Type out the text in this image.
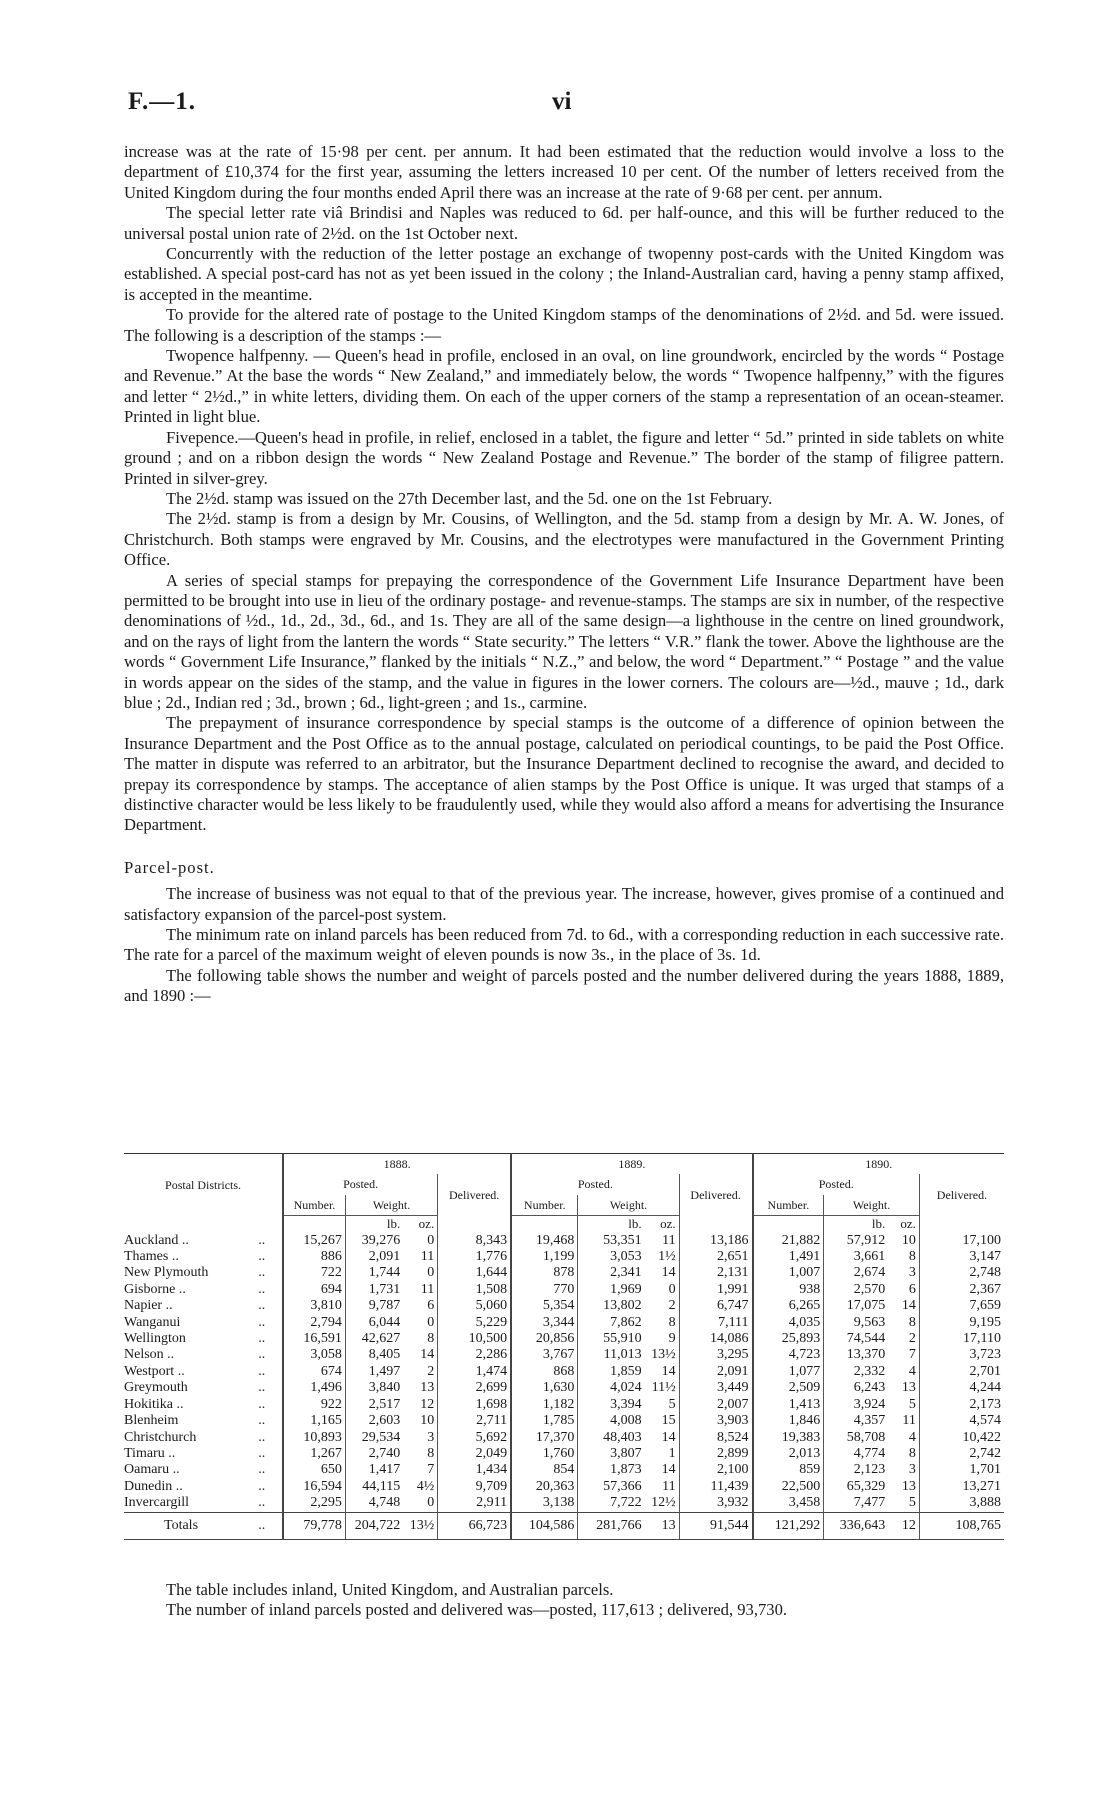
F.—1.	vi

increase was at the rate of 15·98 per cent. per annum. It had been estimated that the reduction would involve a loss to the department of £10,374 for the first year, assuming the letters increased 10 per cent. Of the number of letters received from the United Kingdom during the four months ended April there was an increase at the rate of 9·68 per cent. per annum.

The special letter rate viâ Brindisi and Naples was reduced to 6d. per half-ounce, and this will be further reduced to the universal postal union rate of 2½d. on the 1st October next.

Concurrently with the reduction of the letter postage an exchange of twopenny post-cards with the United Kingdom was established. A special post-card has not as yet been issued in the colony ; the Inland-Australian card, having a penny stamp affixed, is accepted in the meantime.

To provide for the altered rate of postage to the United Kingdom stamps of the denominations of 2½d. and 5d. were issued. The following is a description of the stamps :—

Twopence halfpenny. — Queen's head in profile, enclosed in an oval, on line groundwork, encircled by the words “ Postage and Revenue.” At the base the words “ New Zealand,” and immediately below, the words “ Twopence halfpenny,” with the figures and letter “ 2½d.,” in white letters, dividing them. On each of the upper corners of the stamp a representation of an ocean-steamer. Printed in light blue.

Fivepence.—Queen's head in profile, in relief, enclosed in a tablet, the figure and letter “ 5d.” printed in side tablets on white ground ; and on a ribbon design the words “ New Zealand Postage and Revenue.” The border of the stamp of filigree pattern. Printed in silver-grey.

The 2½d. stamp was issued on the 27th December last, and the 5d. one on the 1st February.

The 2½d. stamp is from a design by Mr. Cousins, of Wellington, and the 5d. stamp from a design by Mr. A. W. Jones, of Christchurch. Both stamps were engraved by Mr. Cousins, and the electrotypes were manufactured in the Government Printing Office.

A series of special stamps for prepaying the correspondence of the Government Life Insurance Department have been permitted to be brought into use in lieu of the ordinary postage- and revenue-stamps. The stamps are six in number, of the respective denominations of ½d., 1d., 2d., 3d., 6d., and 1s. They are all of the same design—a lighthouse in the centre on lined groundwork, and on the rays of light from the lantern the words “ State security.” The letters “ V.R.” flank the tower. Above the lighthouse are the words “ Government Life Insurance,” flanked by the initials “ N.Z.,” and below, the word “ Department.” “ Postage ” and the value in words appear on the sides of the stamp, and the value in figures in the lower corners. The colours are—½d., mauve ; 1d., dark blue ; 2d., Indian red ; 3d., brown ; 6d., light-green ; and 1s., carmine.

The prepayment of insurance correspondence by special stamps is the outcome of a difference of opinion between the Insurance Department and the Post Office as to the annual postage, calculated on periodical countings, to be paid the Post Office. The matter in dispute was referred to an arbitrator, but the Insurance Department declined to recognise the award, and decided to prepay its correspondence by stamps. The acceptance of alien stamps by the Post Office is unique. It was urged that stamps of a distinctive character would be less likely to be fraudulently used, while they would also afford a means for advertising the Insurance Department.

Parcel-post.

The increase of business was not equal to that of the previous year. The increase, however, gives promise of a continued and satisfactory expansion of the parcel-post system.

The minimum rate on inland parcels has been reduced from 7d. to 6d., with a corresponding reduction in each successive rate. The rate for a parcel of the maximum weight of eleven pounds is now 3s., in the place of 3s. 1d.

The following table shows the number and weight of parcels posted and the number delivered during the years 1888, 1889, and 1890 :—

Postal Districts.		1888.				1889.				1890.			
		Posted.			Delivered.	Posted.			Delivered.	Posted.			Delivered.
		Number.	Weight.			Number.	Weight.			Number.	Weight.		
			lb.	oz.			lb.	oz.			lb.	oz.	
Auckland ..	..	15,267	39,276	0	8,343	19,468	53,351	11	13,186	21,882	57,912	10	17,100
Thames ..	..	886	2,091	11	1,776	1,199	3,053	1½	2,651	1,491	3,661	8	3,147
New Plymouth	..	722	1,744	0	1,644	878	2,341	14	2,131	1,007	2,674	3	2,748
Gisborne ..	..	694	1,731	11	1,508	770	1,969	0	1,991	938	2,570	6	2,367
Napier ..	..	3,810	9,787	6	5,060	5,354	13,802	2	6,747	6,265	17,075	14	7,659
Wanganui	..	2,794	6,044	0	5,229	3,344	7,862	8	7,111	4,035	9,563	8	9,195
Wellington	..	16,591	42,627	8	10,500	20,856	55,910	9	14,086	25,893	74,544	2	17,110
Nelson ..	..	3,058	8,405	14	2,286	3,767	11,013	13½	3,295	4,723	13,370	7	3,723
Westport ..	..	674	1,497	2	1,474	868	1,859	14	2,091	1,077	2,332	4	2,701
Greymouth	..	1,496	3,840	13	2,699	1,630	4,024	11½	3,449	2,509	6,243	13	4,244
Hokitika ..	..	922	2,517	12	1,698	1,182	3,394	5	2,007	1,413	3,924	5	2,173
Blenheim	..	1,165	2,603	10	2,711	1,785	4,008	15	3,903	1,846	4,357	11	4,574
Christchurch	..	10,893	29,534	3	5,692	17,370	48,403	14	8,524	19,383	58,708	4	10,422
Timaru ..	..	1,267	2,740	8	2,049	1,760	3,807	1	2,899	2,013	4,774	8	2,742
Oamaru ..	..	650	1,417	7	1,434	854	1,873	14	2,100	859	2,123	3	1,701
Dunedin ..	..	16,594	44,115	4½	9,709	20,363	57,366	11	11,439	22,500	65,329	13	13,271
Invercargill	..	2,295	4,748	0	2,911	3,138	7,722	12½	3,932	3,458	7,477	5	3,888
Totals	..	79,778	204,722	13½	66,723	104,586	281,766	13	91,544	121,292	336,643	12	108,765

The table includes inland, United Kingdom, and Australian parcels.

The number of inland parcels posted and delivered was—posted, 117,613 ; delivered, 93,730.
